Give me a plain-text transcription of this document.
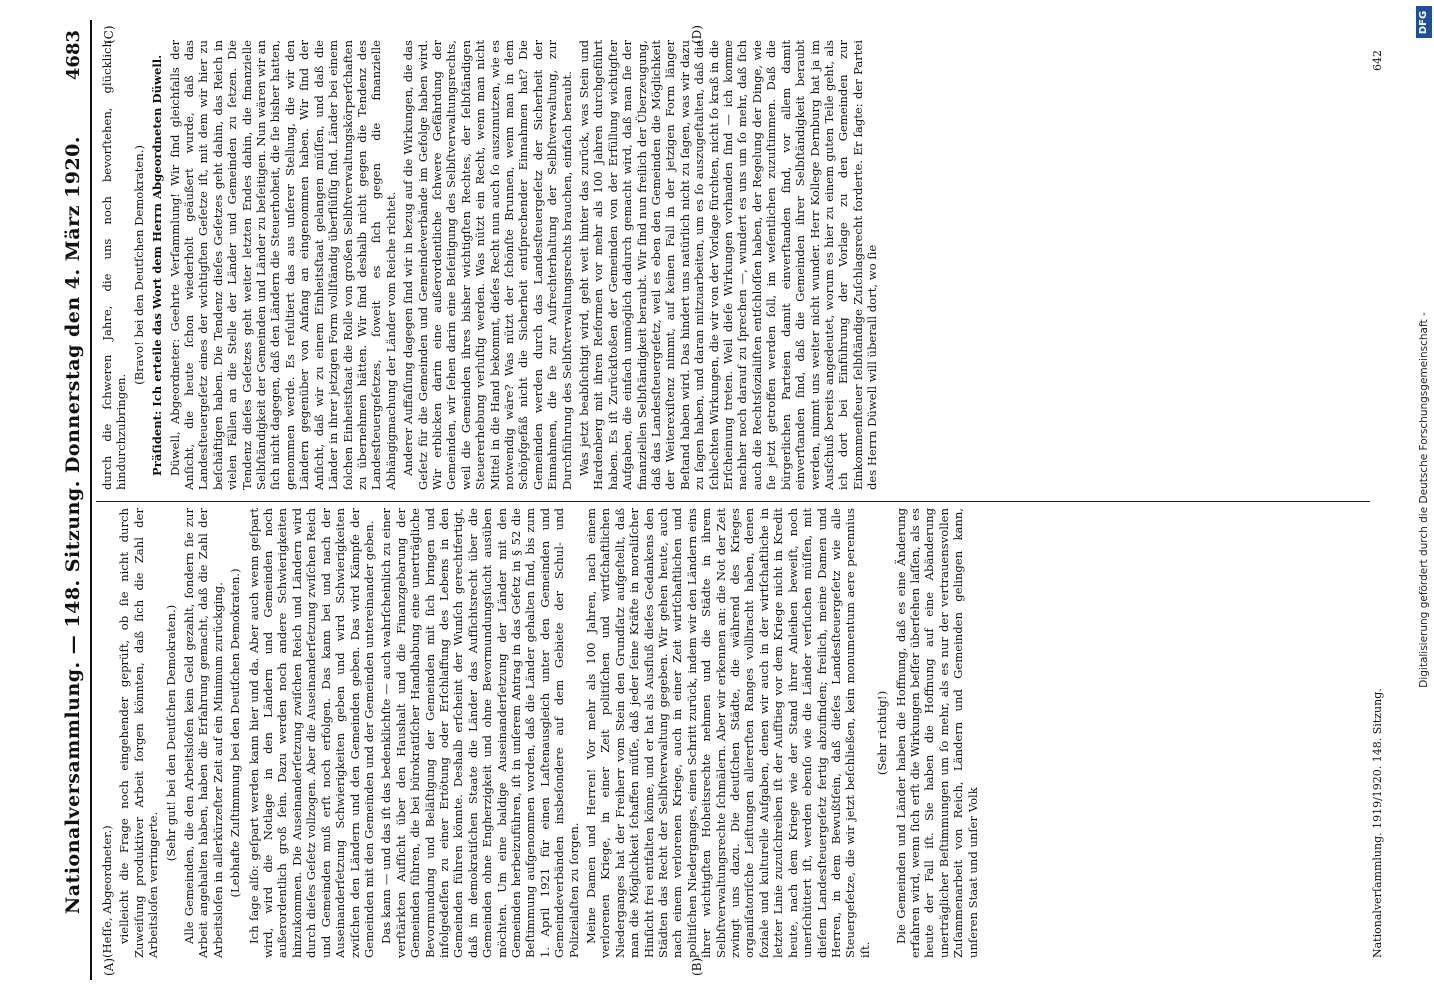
Nationalversammlung. — 148. Sitzung. Donnerstag den 4. März 1920.
4683
(A)	(B)
(C)	(D)

(Heſſe, Abgeordneter.) vielleicht die Frage noch eingehender geprüft, ob ſie nicht durch Zuweiſung produktiver Arbeit ſorgen könnten, daß ſich die Zahl der Arbeitsloſen verringerte.

(Sehr gut! bei den Deutſchen Demokraten.) Alle Gemeinden, die den Arbeitsloſen kein Geld gezahlt, ſondern ſie zur Arbeit angehalten haben, haben die Erfahrung gemacht, daß die Zahl der Arbeitsloſen in allerkürzeſter Zeit auf ein Minimum zurückging. (Lebhafte Zuſtimmung bei den Deutſchen Demokraten.) Ich ſage alſo: geſpart werden kann hier und da. Aber auch wenn geſpart wird, wird die Notlage in den Ländern und Gemeinden noch außerordentlich groß ſein. Dazu werden noch andere Schwierigkeiten hinzukommen. Die Auseinanderſetzung zwiſchen Reich und Ländern wird durch dieſes Geſetz vollzogen. Aber die Auseinanderſetzung zwiſchen Reich und Gemeinden muß erſt noch erfolgen. Das kann bei und nach der Auseinanderſetzung Schwierigkeiten geben und wird Schwierigkeiten zwiſchen den Ländern und den Gemeinden geben. Das wird Kämpfe der Gemeinden mit den Gemeinden und der Gemeinden untereinander geben. Das kann — und das iſt das bedenklichſte — auch wahrſcheinlich zu einer verſtärkten Aufſicht über den Haushalt und die Finanzgebarung der Gemeinden führen, die bei bürokratiſcher Handhabung eine unerträgliche Bevormundung und Beläſtigung der Gemeinden mit ſich bringen und infolgedeſſen zu einer Ertötung oder Erſchlaffung des Lebens in den Gemeinden führen könnte. Deshalb erſcheint der Wunſch gerechtfertigt, daß im demokratiſchen Staate die Länder das Aufſichtsrecht über die Gemeinden ohne Engherzigkeit und ohne Bevormundungsſucht ausüben möchten. Um eine baldige Auseinanderſetzung der Länder mit den Gemeinden herbeizuführen, iſt in unſerem Antrag in das Geſetz in § 52 die Beſtimmung aufgenommen worden, daß die Länder gehalten ſind, bis zum 1. April 1921 für einen Laſtenausgleich unter den Gemeinden und Gemeindeverbänden insbeſondere auf dem Gebiete der Schul- und Polizeilaſten zu ſorgen. Meine Damen und Herren! Vor mehr als 100 Jahren, nach einem verlorenen Kriege, in einer Zeit politiſchen und wirtſchaftlichen Niederganges hat der Freiherr vom Stein den Grundſatz aufgeſtellt, daß man die Möglichkeit ſchaffen müſſe, daß jeder ſeine Kräfte in moraliſcher Hinſicht frei entfalten könne, und er hat als Ausfluß dieſes Gedankens den Städten das Recht der Selbſtverwaltung gegeben. Wir gehen heute, auch nach einem verlorenen Kriege, auch in einer Zeit wirtſchaftlichen und politiſchen Niederganges, einen Schritt zurück, indem wir den Ländern eins ihrer wichtigſten Hoheitsrechte nehmen und die Städte in ihrem Selbſtverwaltungsrechte ſchmälern. Aber wir erkennen an: die Not der Zeit zwingt uns dazu. Die deutſchen Städte, die während des Krieges organiſatoriſche Leiſtungen allererſten Ranges vollbracht haben, denen ſoziale und kulturelle Aufgaben, denen wir auch in der wirtſchaftliche in letzter Linie zuzuſchreiben iſt der Aufſtieg vor dem Kriege nicht in Kredit heute, nach dem Kriege wie der Stand ihrer Anleihen beweiſt, noch unerſchüttert iſt, werden ebenſo wie die Länder verſuchen müſſen, mit dieſem Landesſteuergeſetz fertig abzufinden; freilich, meine Damen und Herren, in dem Bewußtſein, daß dieſes Landesſteuergeſetz wie alle Steuergeſetze, die wir jetzt beſchließen, kein monumentum aere perennius iſt.

(Sehr richtig!) Die Gemeinden und Länder haben die Hoffnung, daß es eine Änderung erfahren wird, wenn ſich erſt die Wirkungen beſſer überſehen laſſen, als es heute der Fall iſt. Sie haben die Hoffnung auf eine Abänderung unerträglicher Beſtimmungen um ſo mehr, als es nur der vertrauensvollen Zuſammenarbeit von Reich, Ländern und Gemeinden gelingen kann, unſeren Staat und unſer Volk

durch die ſchweren Jahre, die uns noch bevorſtehen, glücklich hindurchzubringen.

(Bravo! bei den Deutſchen Demokraten.) Präſident: Ich erteile das Wort dem Herrn Abgeordneten Düwell. Düwell, Abgeordneter: Geehrte Verſammlung! Wir ſind gleichfalls der Anſicht, die heute ſchon wiederholt geäußert wurde, daß das Landesſteuergeſetz eines der wichtigſten Geſetze iſt, mit dem wir hier zu beſchäftigen haben. Die Tendenz dieſes Geſetzes geht dahin, das Reich in vielen Fällen an die Stelle der Länder und Gemeinden zu ſetzen. Die Tendenz dieſes Geſetzes geht weiter letzten Endes dahin, die finanzielle Selbſtändigkeit der Gemeinden und Länder zu beſeitigen. Nun wären wir an ſich nicht dagegen, daß den Ländern die Steuerhoheit, die ſie bisher hatten, genommen werde. Es reſultiert das aus unſerer Stellung, die wir den Ländern gegenüber von Anfang an eingenommen haben. Wir ſind der Anſicht, daß wir zu einem Einheitsſtaat gelangen müſſen, und daß die Länder in ihrer jetzigen Form vollſtändig überflüſſig ſind. Länder bei einem ſolchen Einheitsſtaat die Rolle von großen Selbſtverwaltungskörperſchaften zu übernehmen hätten. Wir ſind deshalb nicht gegen die Tendenz des Landesſteuergeſetzes, ſoweit es ſich gegen die finanzielle Abhängigmachung der Länder vom Reiche richtet. Anderer Auffaſſung dagegen ſind wir in bezug auf die Wirkungen, die das Geſetz für die Gemeinden und Gemeindeverbände im Gefolge haben wird. Wir erblicken darin eine außerordentliche ſchwere Gefährdung der Gemeinden, wir ſehen darin eine Beſeitigung des Selbſtverwaltungsrechts, weil die Gemeinden ihres bisher wichtigſten Rechtes, der ſelbſtändigen Steuererhebung verluſtig werden. Was nützt ein Recht, wenn man nicht Mittel in die Hand bekommt, dieſes Recht nun auch ſo auszunutzen, wie es notwendig wäre? Was nützt der ſchönſte Brunnen, wenn man in dem Schöpfgefäß nicht die Sicherheit entſprechender Einnahmen hat? Die Gemeinden werden durch das Landesſteuergeſetz der Sicherheit der Einnahmen, die ſie zur Aufrechterhaltung der Selbſtverwaltung, zur Durchführung des Selbſtverwaltungsrechts brauchen, einfach beraubt. Was jetzt beabſichtigt wird, geht weit hinter das zurück, was Stein und Hardenberg mit ihren Reformen vor mehr als 100 Jahren durchgeführt haben. Es iſt Zurückſtoßen der Gemeinden von der Erfüllung wichtigſter Aufgaben, die einfach unmöglich dadurch gemacht wird, daß man ſie der finanziellen Selbſtändigkeit beraubt. Wir ſind nun freilich der Überzeugung, daß das Landesſteuergeſetz, weil es eben den Gemeinden die Möglichkeit der Weiterexiſtenz nimmt, auf keinen Fall in der jetzigen Form länger Beſtand haben wird. Das hindert uns natürlich nicht zu ſagen, was wir dazu zu ſagen haben, und daran mitzuarbeiten, um es ſo auszugeſtalten, daß die ſchlechten Wirkungen, die wir von der Vorlage fürchten, nicht ſo kraß in die Erſcheinung treten. Weil dieſe Wirkungen vorhanden ſind — ich komme nachher noch darauf zu ſprechen —, wundert es uns um ſo mehr, daß ſich auch die Rechtsſozialiſten entſchloſſen haben, der Regelung der Dinge, wie ſie jetzt getroffen werden ſoll, im weſentlichen zuzuſtimmen. Daß die bürgerlichen Parteien damit einverſtanden ſind, vor allem damit einverſtanden ſind, daß die Gemeinden ihrer Selbſtändigkeit beraubt werden, nimmt uns weiter nicht wunder. Herr Kollege Dernburg hat ja im Ausſchuß bereits angedeutet, worum es hier zu einem guten Teile geht, als ich dort bei Einführung der Vorlage zu den Gemeinden zur Einkommenſteuer ſelbſtändige Zuſchlagsrecht forderte. Er ſagte: der Partei des Herrn Düwell will überall dort, wo ſie

Nationalverſammlung. 1919/1920. 148. Sitzung.
642
DFG
Digitalisierung gefördert durch die Deutsche Forschungsgemeinschaft -
